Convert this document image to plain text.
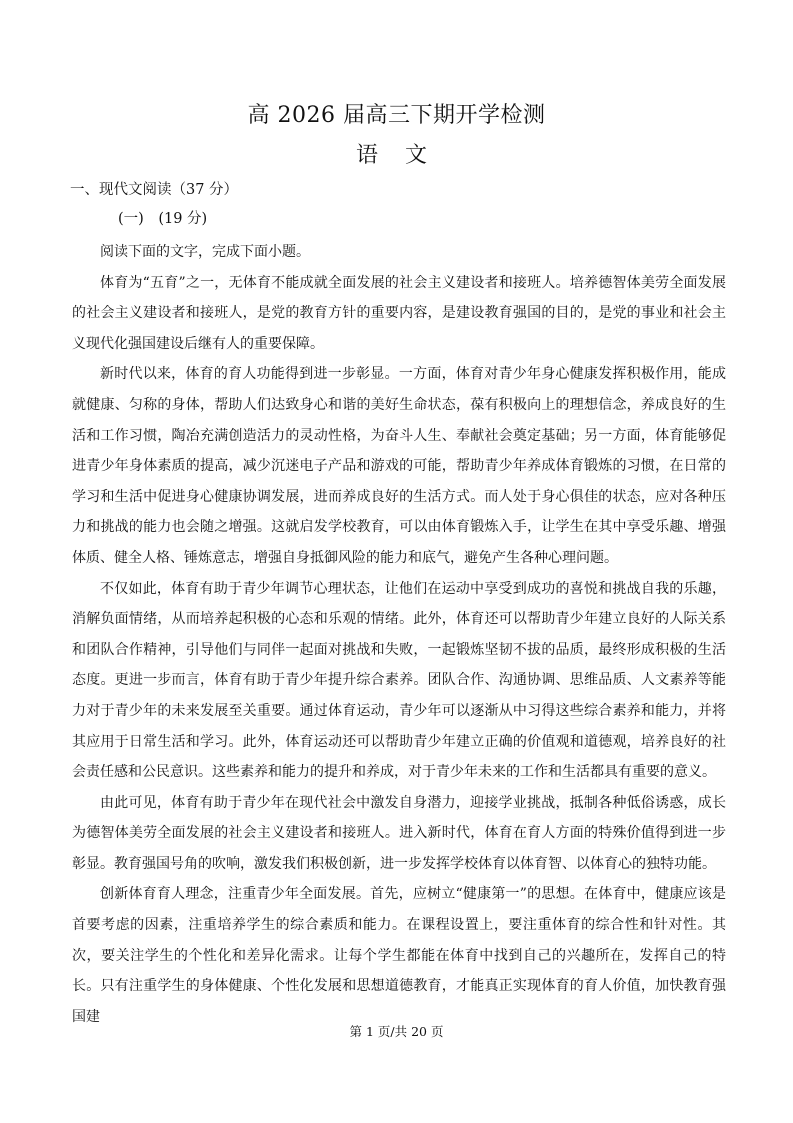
高 2026 届高三下期开学检测
语 文
一、现代文阅读（37 分）
(一)　(19 分)

阅读下面的文字，完成下面小题。

体育为“五育”之一，无体育不能成就全面发展的社会主义建设者和接班人。培养德智体美劳全面发展的社会主义建设者和接班人，是党的教育方针的重要内容，是建设教育强国的目的，是党的事业和社会主义现代化强国建设后继有人的重要保障。

新时代以来，体育的育人功能得到进一步彰显。一方面，体育对青少年身心健康发挥积极作用，能成就健康、匀称的身体，帮助人们达致身心和谐的美好生命状态，葆有积极向上的理想信念，养成良好的生活和工作习惯，陶冶充满创造活力的灵动性格，为奋斗人生、奉献社会奠定基础；另一方面，体育能够促进青少年身体素质的提高，减少沉迷电子产品和游戏的可能，帮助青少年养成体育锻炼的习惯，在日常的学习和生活中促进身心健康协调发展，进而养成良好的生活方式。而人处于身心俱佳的状态，应对各种压力和挑战的能力也会随之增强。这就启发学校教育，可以由体育锻炼入手，让学生在其中享受乐趣、增强体质、健全人格、锤炼意志，增强自身抵御风险的能力和底气，避免产生各种心理问题。

不仅如此，体育有助于青少年调节心理状态，让他们在运动中享受到成功的喜悦和挑战自我的乐趣，消解负面情绪，从而培养起积极的心态和乐观的情绪。此外，体育还可以帮助青少年建立良好的人际关系和团队合作精神，引导他们与同伴一起面对挑战和失败，一起锻炼坚韧不拔的品质，最终形成积极的生活态度。更进一步而言，体育有助于青少年提升综合素养。团队合作、沟通协调、思维品质、人文素养等能力对于青少年的未来发展至关重要。通过体育运动，青少年可以逐渐从中习得这些综合素养和能力，并将其应用于日常生活和学习。此外，体育运动还可以帮助青少年建立正确的价值观和道德观，培养良好的社会责任感和公民意识。这些素养和能力的提升和养成，对于青少年未来的工作和生活都具有重要的意义。

由此可见，体育有助于青少年在现代社会中激发自身潜力，迎接学业挑战，抵制各种低俗诱惑，成长为德智体美劳全面发展的社会主义建设者和接班人。进入新时代，体育在育人方面的特殊价值得到进一步彰显。教育强国号角的吹响，激发我们积极创新，进一步发挥学校体育以体育智、以体育心的独特功能。

创新体育育人理念，注重青少年全面发展。首先，应树立“健康第一”的思想。在体育中，健康应该是首要考虑的因素，注重培养学生的综合素质和能力。在课程设置上，要注重体育的综合性和针对性。其次，要关注学生的个性化和差异化需求。让每个学生都能在体育中找到自己的兴趣所在，发挥自己的特长。只有注重学生的身体健康、个性化发展和思想道德教育，才能真正实现体育的育人价值，加快教育强国建

第 1 页/共 20 页
